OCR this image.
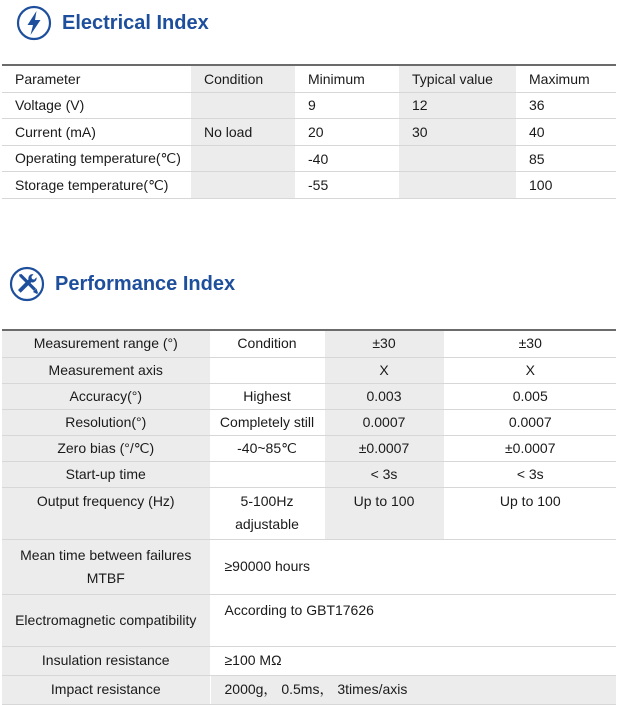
Electrical Index
Parameter	Condition	Minimum	Typical value	Maximum
Voltage (V)		9	12	36
Current (mA)	No load	20	30	40
Operating temperature(℃)		-40		85
Storage temperature(℃)		-55		100
Performance Index
Measurement range (°)	Condition	±30	±30
Measurement axis		X	X
Accuracy(°)	Highest	0.003	0.005
Resolution(°)	Completely still	0.0007	0.0007
Zero bias (°/℃)	-40~85℃	±0.0007	±0.0007
Start-up time		< 3s	< 3s
Output frequency (Hz)	5-100Hz adjustable	Up to 100	Up to 100
Mean time between failures MTBF	≥90000 hours		
Electromagnetic compatibility	According to GBT17626		
Insulation resistance	≥100 MΩ		
Impact resistance	2000g， 0.5ms， 3times/axis		
